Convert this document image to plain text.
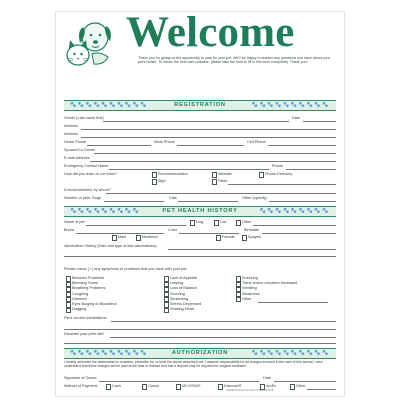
Welcome
Thank you for giving us the opportunity to care for your pet. We'll be happy to answer any questions you have about your pet's health. To insure the best care possible, please take the time to fill in this form completely. Thank you!
🐾🐾🐾🐾🐾🐾🐾🐾🐾🐾	🐾🐾🐾🐾🐾🐾🐾🐾🐾🐾
REGISTRATION
Owner (Last name first)	Date
Address
Address
Home Phone	Work Phone	Cell Phone
Spouse/Co-Owner
E-mail Address
Emergency Contact Name	Phone
How did you learn of our clinic?	Recommendation	Website	Phone Directory
Sign	Other
If recommended, by whom?
Number of pets: Dogs	Cats	Other (specify)
🐾🐾🐾🐾🐾🐾🐾🐾🐾	🐾🐾🐾🐾🐾🐾🐾🐾🐾
PET HEALTH HISTORY
Name of pet	Dog	Cat	Other
Breed	Color	Birthdate
Male	Neutered	Female	Spayed
Vaccination History (Date and type of last vaccinations)
Please check (✓) any symptoms or problems that you have with your pet.
Behavior Problems
Bleeding Gums
Breathing Problems
Coughing
Diarrhea
Eyes Bulging or Bloodshot
Gagging
Lack of Appetite
Limping
Loss of Balance
Scooting
Scratching
Seems Depressed
Shaking Head
Sneezing
Thirst and/or Urination Increased
Vomiting
Weakness
Other
Pet's current medications
Describe your pet's diet
🐾🐾🐾🐾🐾🐾🐾🐾🐾🐾	🐾🐾🐾🐾🐾🐾🐾🐾🐾🐾
AUTHORIZATION
I hereby authorize the veterinarian to examine, prescribe for, or treat the above described pet. I assume responsibility for all charges incurred in the care of this animal. I also understand that these charges will be paid at the time of release and that a deposit may be required for surgical treatment.
Signature of Owner	Date
Method of Payment:	Cash	Check	MC/VISA®	Discover®	AmEx	Other
VS1505 Welcome Pet Form 1-800-843-9178
